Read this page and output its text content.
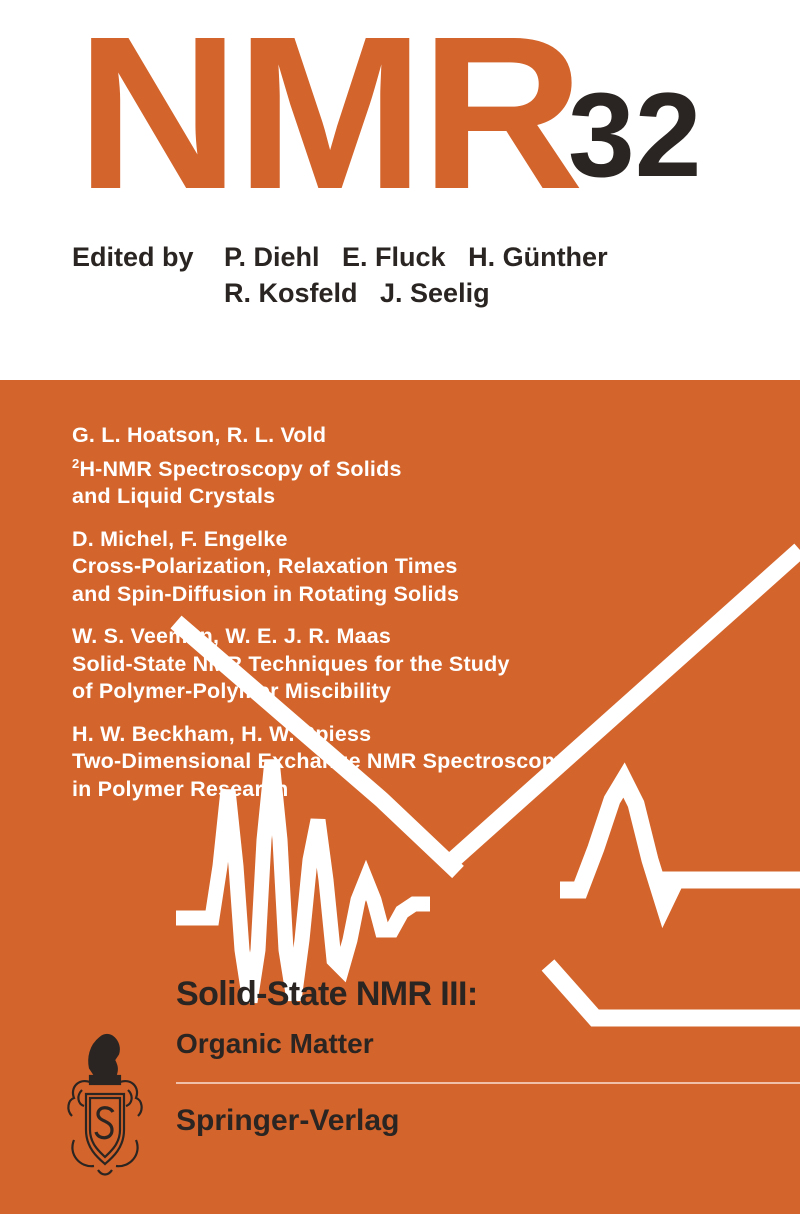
NMR
32
Edited by P. Diehl   E. Fluck   H. Günther
R. Kosfeld   J. Seelig
G. L. Hoatson, R. L. Vold
$^2$H-NMR Spectroscopy of Solids
and Liquid Crystals
D. Michel, F. Engelke
Cross-Polarization, Relaxation Times
and Spin-Diffusion in Rotating Solids
W. S. Veeman, W. E. J. R. Maas
Solid-State NMR Techniques for the Study
of Polymer-Polymer Miscibility
H. W. Beckham, H. W. Spiess
Two-Dimensional Exchange NMR Spectroscopy
in Polymer Research
Solid-State NMR III:
Organic Matter
Springer-Verlag
